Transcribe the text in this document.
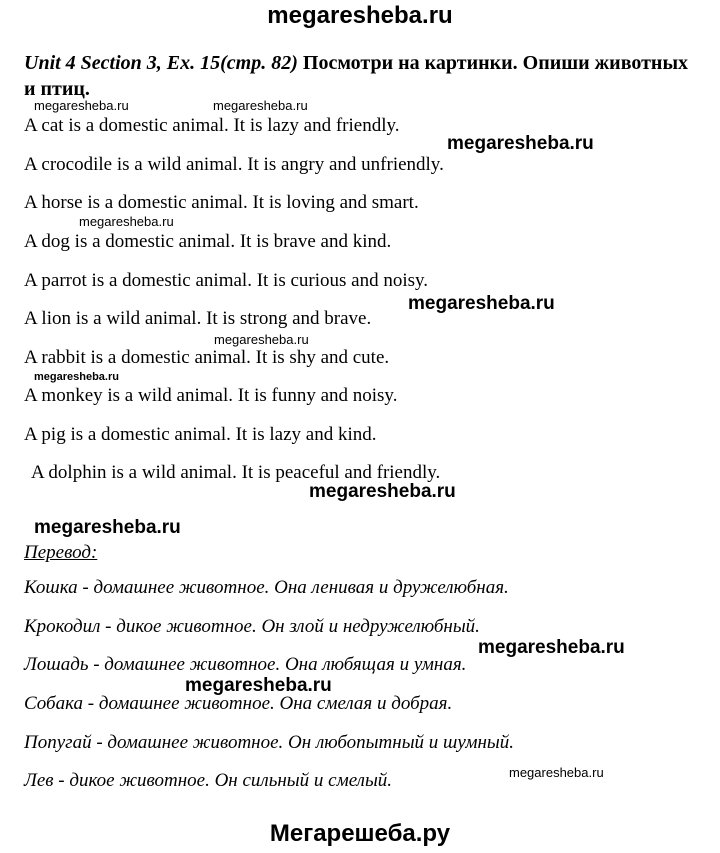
megaresheba.ru
Unit 4 Section 3, Ex. 15(стр. 82) Посмотри на картинки. Опиши животных и птиц.
A cat is a domestic animal. It is lazy and friendly.
A crocodile is a wild animal. It is angry and unfriendly.
A horse is a domestic animal. It is loving and smart.
A dog is a domestic animal. It is brave and kind.
A parrot is a domestic animal. It is curious and noisy.
A lion is a wild animal. It is strong and brave.
A rabbit is a domestic animal. It is shy and cute.
A monkey is a wild animal. It is funny and noisy.
A pig is a domestic animal. It is lazy and kind.
A dolphin is a wild animal. It is peaceful and friendly.
Перевод:
Кошка - домашнее животное. Она ленивая и дружелюбная.
Крокодил - дикое животное. Он злой и недружелюбный.
Лошадь - домашнее животное. Она любящая и умная.
Собака - домашнее животное. Она смелая и добрая.
Попугай - домашнее животное. Он любопытный и шумный.
Лев - дикое животное. Он сильный и смелый.
megaresheba.ru	megaresheba.ru
megaresheba.ru
megaresheba.ru
megaresheba.ru
megaresheba.ru
megaresheba.ru
megaresheba.ru
megaresheba.ru
megaresheba.ru
megaresheba.ru
megaresheba.ru
Мегарешеба.ру
